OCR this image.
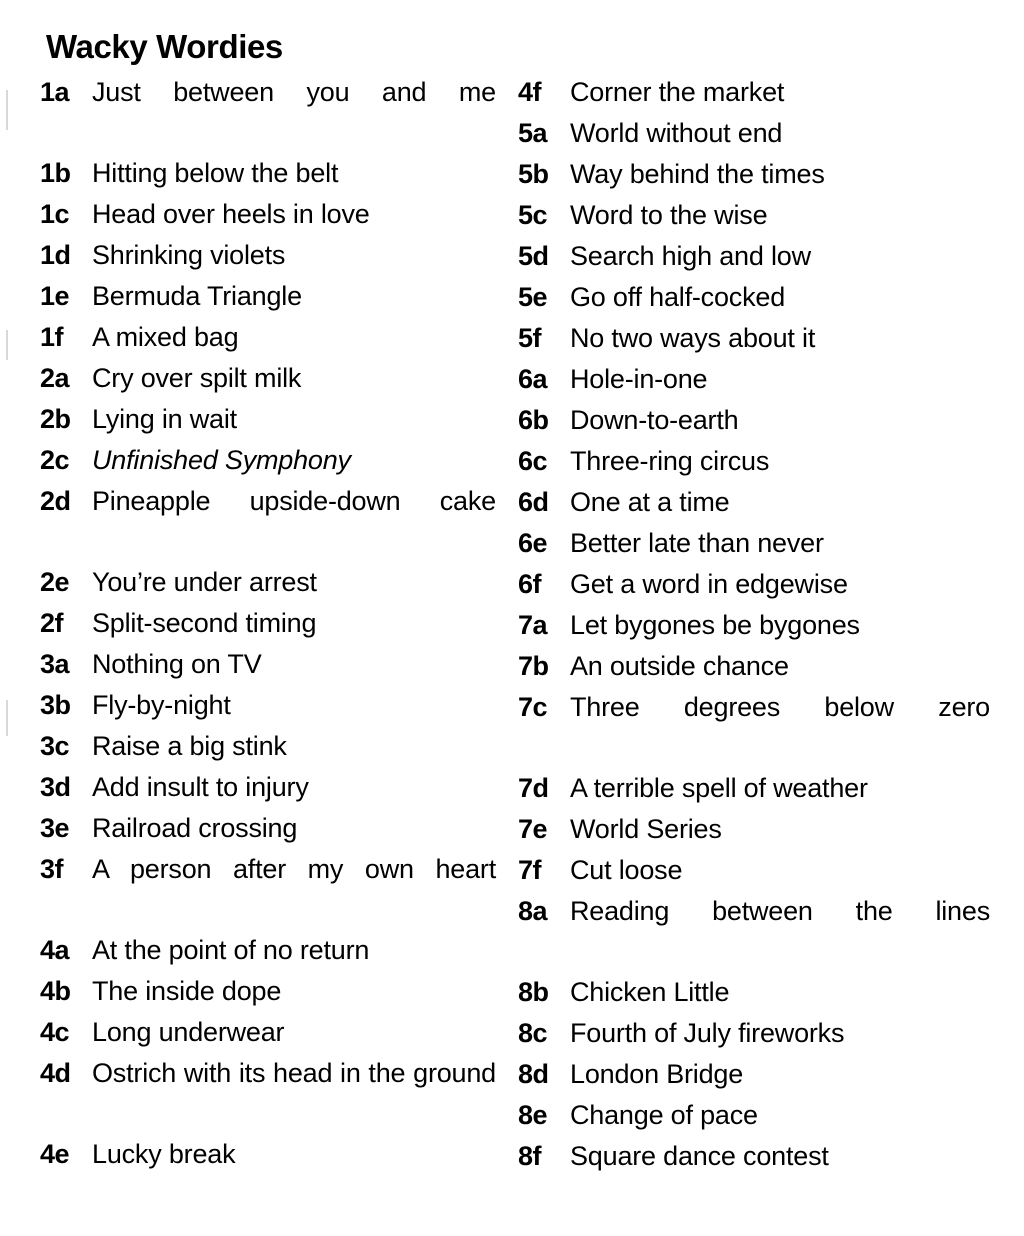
Wacky Wordies
1a Just between you and me
1b Hitting below the belt
1c Head over heels in love
1d Shrinking violets
1e Bermuda Triangle
1f	A mixed bag
2a Cry over spilt milk
2b Lying in wait
2c Unfinished Symphony
2d Pineapple upside-down cake
2e You’re under arrest
2f	Split-second timing
3a Nothing on TV
3b Fly-by-night
3c Raise a big stink
3d Add insult to injury
3e Railroad crossing
3f	A person after my own heart
4a At the point of no return
4b The inside dope
4c Long underwear
4d Ostrich with its head in the ground
4e Lucky break
4f	Corner the market
5a World without end
5b Way behind the times
5c Word to the wise
5d Search high and low
5e Go off half-cocked
5f	No two ways about it
6a Hole-in-one
6b Down-to-earth
6c Three-ring circus
6d One at a time
6e Better late than never
6f	Get a word in edgewise
7a Let bygones be bygones
7b An outside chance
7c Three degrees below zero
7d A terrible spell of weather
7e World Series
7f	Cut loose
8a Reading between the lines
8b Chicken Little
8c Fourth of July fireworks
8d London Bridge
8e Change of pace
8f	Square dance contest
